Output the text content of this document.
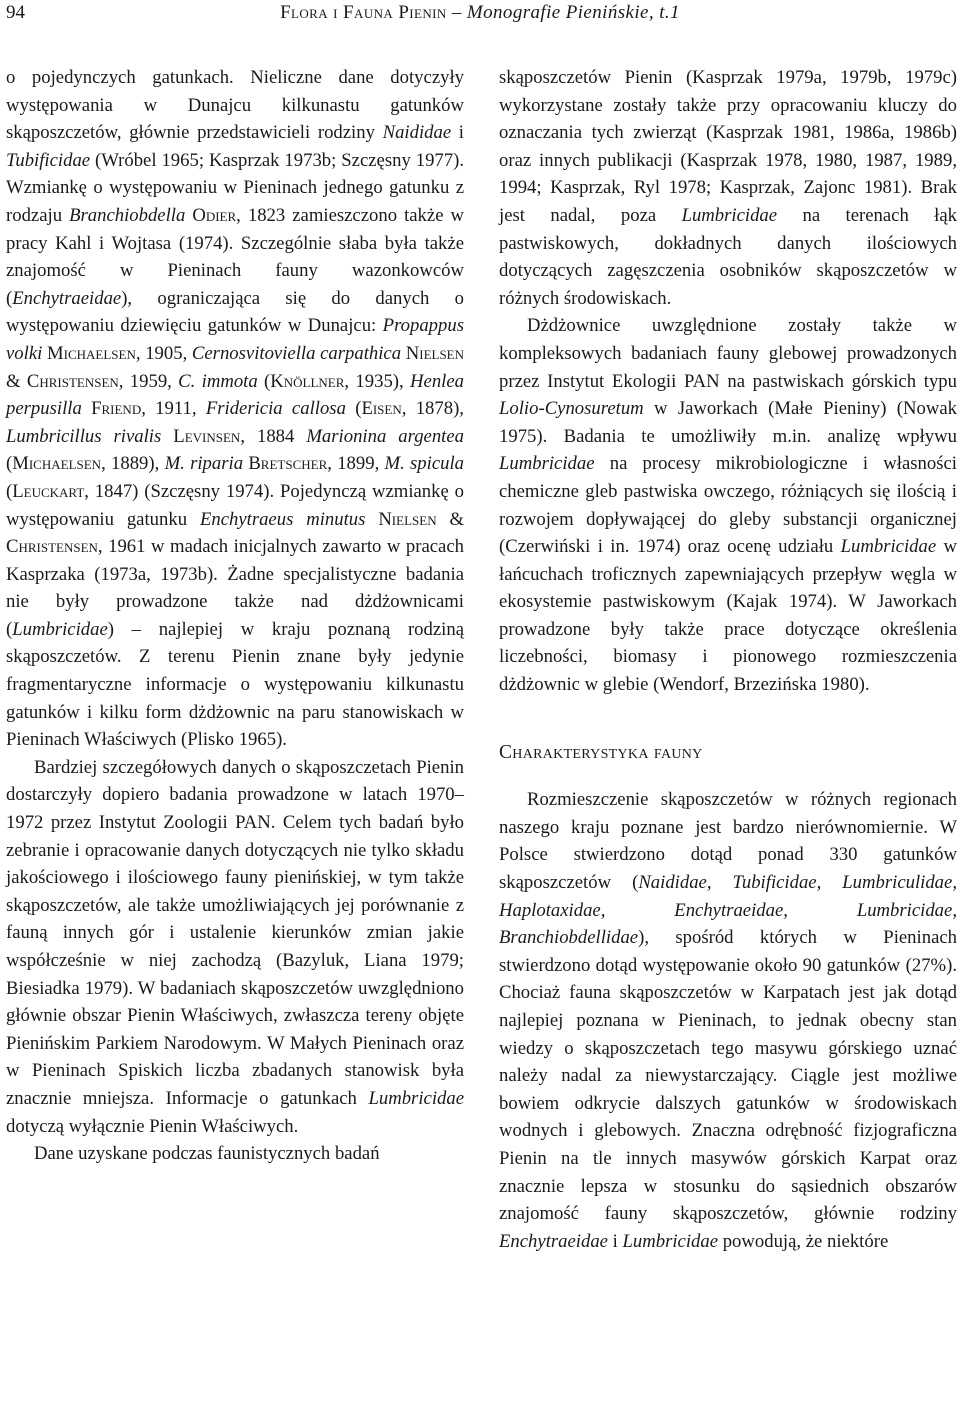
94	Flora i Fauna Pienin – Monografie Pienińskie, t.1

o pojedynczych gatunkach. Nieliczne dane dotyczyły występowania w Dunajcu kilkunastu gatunków skąposzczetów, głównie przedstawicieli rodziny Naididae i Tubificidae (Wróbel 1965; Kasprzak 1973b; Szczęsny 1977). Wzmiankę o występowaniu w Pieninach jednego gatunku z rodzaju Branchiobdella Odier, 1823 zamieszczono także w pracy Kahl i Wojtasa (1974). Szczególnie słaba była także znajomość w Pieninach fauny wazonkowców (Enchytraeidae), ograniczająca się do danych o występowaniu dziewięciu gatunków w Dunajcu: Propappus volki Michaelsen, 1905, Cernosvitoviella carpathica Nielsen & Christensen, 1959, C. immota (Knöllner, 1935), Henlea perpusilla Friend, 1911, Fridericia callosa (Eisen, 1878), Lumbricillus rivalis Levinsen, 1884 Marionina argentea (Michaelsen, 1889), M. riparia Bretscher, 1899, M. spicula (Leuckart, 1847) (Szczęsny 1974). Pojedynczą wzmiankę o występowaniu gatunku Enchytraeus minutus Nielsen & Christensen, 1961 w madach inicjalnych zawarto w pracach Kasprzaka (1973a, 1973b). Żadne specjalistyczne badania nie były prowadzone także nad dżdżownicami (Lumbricidae) – najlepiej w kraju poznaną rodziną skąposzczetów. Z terenu Pienin znane były jedynie fragmentaryczne informacje o występowaniu kilkunastu gatunków i kilku form dżdżownic na paru stanowiskach w Pieninach Właściwych (Plisko 1965).

Bardziej szczegółowych danych o skąposzczetach Pienin dostarczyły dopiero badania prowadzone w latach 1970–1972 przez Instytut Zoologii PAN. Celem tych badań było zebranie i opracowanie danych dotyczących nie tylko składu jakościowego i ilościowego fauny pienińskiej, w tym także skąposzczetów, ale także umożliwiających jej porównanie z fauną innych gór i ustalenie kierunków zmian jakie współcześnie w niej zachodzą (Bazyluk, Liana 1979; Biesiadka 1979). W badaniach skąposzczetów uwzględniono głównie obszar Pienin Właściwych, zwłaszcza tereny objęte Pienińskim Parkiem Narodowym. W Małych Pieninach oraz w Pieninach Spiskich liczba zbadanych stanowisk była znacznie mniejsza. Informacje o gatunkach Lumbricidae dotyczą wyłącznie Pienin Właściwych.

Dane uzyskane podczas faunistycznych badań

skąposzczetów Pienin (Kasprzak 1979a, 1979b, 1979c) wykorzystane zostały także przy opracowaniu kluczy do oznaczania tych zwierząt (Kasprzak 1981, 1986a, 1986b) oraz innych publikacji (Kasprzak 1978, 1980, 1987, 1989, 1994; Kasprzak, Ryl 1978; Kasprzak, Zajonc 1981). Brak jest nadal, poza Lumbricidae na terenach łąk pastwiskowych, dokładnych danych ilościowych dotyczących zagęszczenia osobników skąposzczetów w różnych środowiskach.

Dżdżownice uwzględnione zostały także w kompleksowych badaniach fauny glebowej prowadzonych przez Instytut Ekologii PAN na pastwiskach górskich typu Lolio-Cynosuretum w Jaworkach (Małe Pieniny) (Nowak 1975). Badania te umożliwiły m.in. analizę wpływu Lumbricidae na procesy mikrobiologiczne i własności chemiczne gleb pastwiska owczego, różniących się ilością i rozwojem dopływającej do gleby substancji organicznej (Czerwiński i in. 1974) oraz ocenę udziału Lumbricidae w łańcuchach troficznych zapewniających przepływ węgla w ekosystemie pastwiskowym (Kajak 1974). W Jaworkach prowadzone były także prace dotyczące określenia liczebności, biomasy i pionowego rozmieszczenia dżdżownic w glebie (Wendorf, Brzezińska 1980).

Charakterystyka fauny

Rozmieszczenie skąposzczetów w różnych regionach naszego kraju poznane jest bardzo nierównomiernie. W Polsce stwierdzono dotąd ponad 330 gatunków skąposzczetów (Naididae, Tubificidae, Lumbriculidae, Haplotaxidae, Enchytraeidae, Lumbricidae, Branchiobdellidae), spośród których w Pieninach stwierdzono dotąd występowanie około 90 gatunków (27%). Chociaż fauna skąposzczetów w Karpatach jest jak dotąd najlepiej poznana w Pieninach, to jednak obecny stan wiedzy o skąposzczetach tego masywu górskiego uznać należy nadal za niewystarczający. Ciągle jest możliwe bowiem odkrycie dalszych gatunków w środowiskach wodnych i glebowych. Znaczna odrębność fizjograficzna Pienin na tle innych masywów górskich Karpat oraz znacznie lepsza w stosunku do sąsiednich obszarów znajomość fauny skąposzczetów, głównie rodziny Enchytraeidae i Lumbricidae powodują, że niektóre
